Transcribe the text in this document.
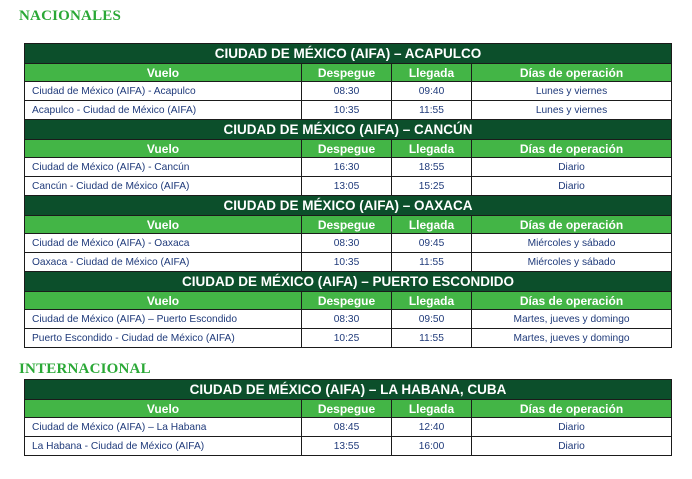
NACIONALES
CIUDAD DE MÉXICO (AIFA) – ACAPULCO			
Vuelo	Despegue	Llegada	Días de operación
Ciudad de México (AIFA) - Acapulco	08:30	09:40	Lunes y viernes
Acapulco - Ciudad de México (AIFA)	10:35	11:55	Lunes y viernes
CIUDAD DE MÉXICO (AIFA) – CANCÚN			
Vuelo	Despegue	Llegada	Días de operación
Ciudad de México (AIFA) - Cancún	16:30	18:55	Diario
Cancún - Ciudad de México (AIFA)	13:05	15:25	Diario
CIUDAD DE MÉXICO (AIFA) – OAXACA			
Vuelo	Despegue	Llegada	Días de operación
Ciudad de México (AIFA) - Oaxaca	08:30	09:45	Miércoles y sábado
Oaxaca - Ciudad de México (AIFA)	10:35	11:55	Miércoles y sábado
CIUDAD DE MÉXICO (AIFA) – PUERTO ESCONDIDO			
Vuelo	Despegue	Llegada	Días de operación
Ciudad de México (AIFA) – Puerto Escondido	08:30	09:50	Martes, jueves y domingo
Puerto Escondido - Ciudad de México (AIFA)	10:25	11:55	Martes, jueves y domingo
INTERNACIONAL
CIUDAD DE MÉXICO (AIFA) – LA HABANA, CUBA			
Vuelo	Despegue	Llegada	Días de operación
Ciudad de México (AIFA) – La Habana	08:45	12:40	Diario
La Habana - Ciudad de México (AIFA)	13:55	16:00	Diario
